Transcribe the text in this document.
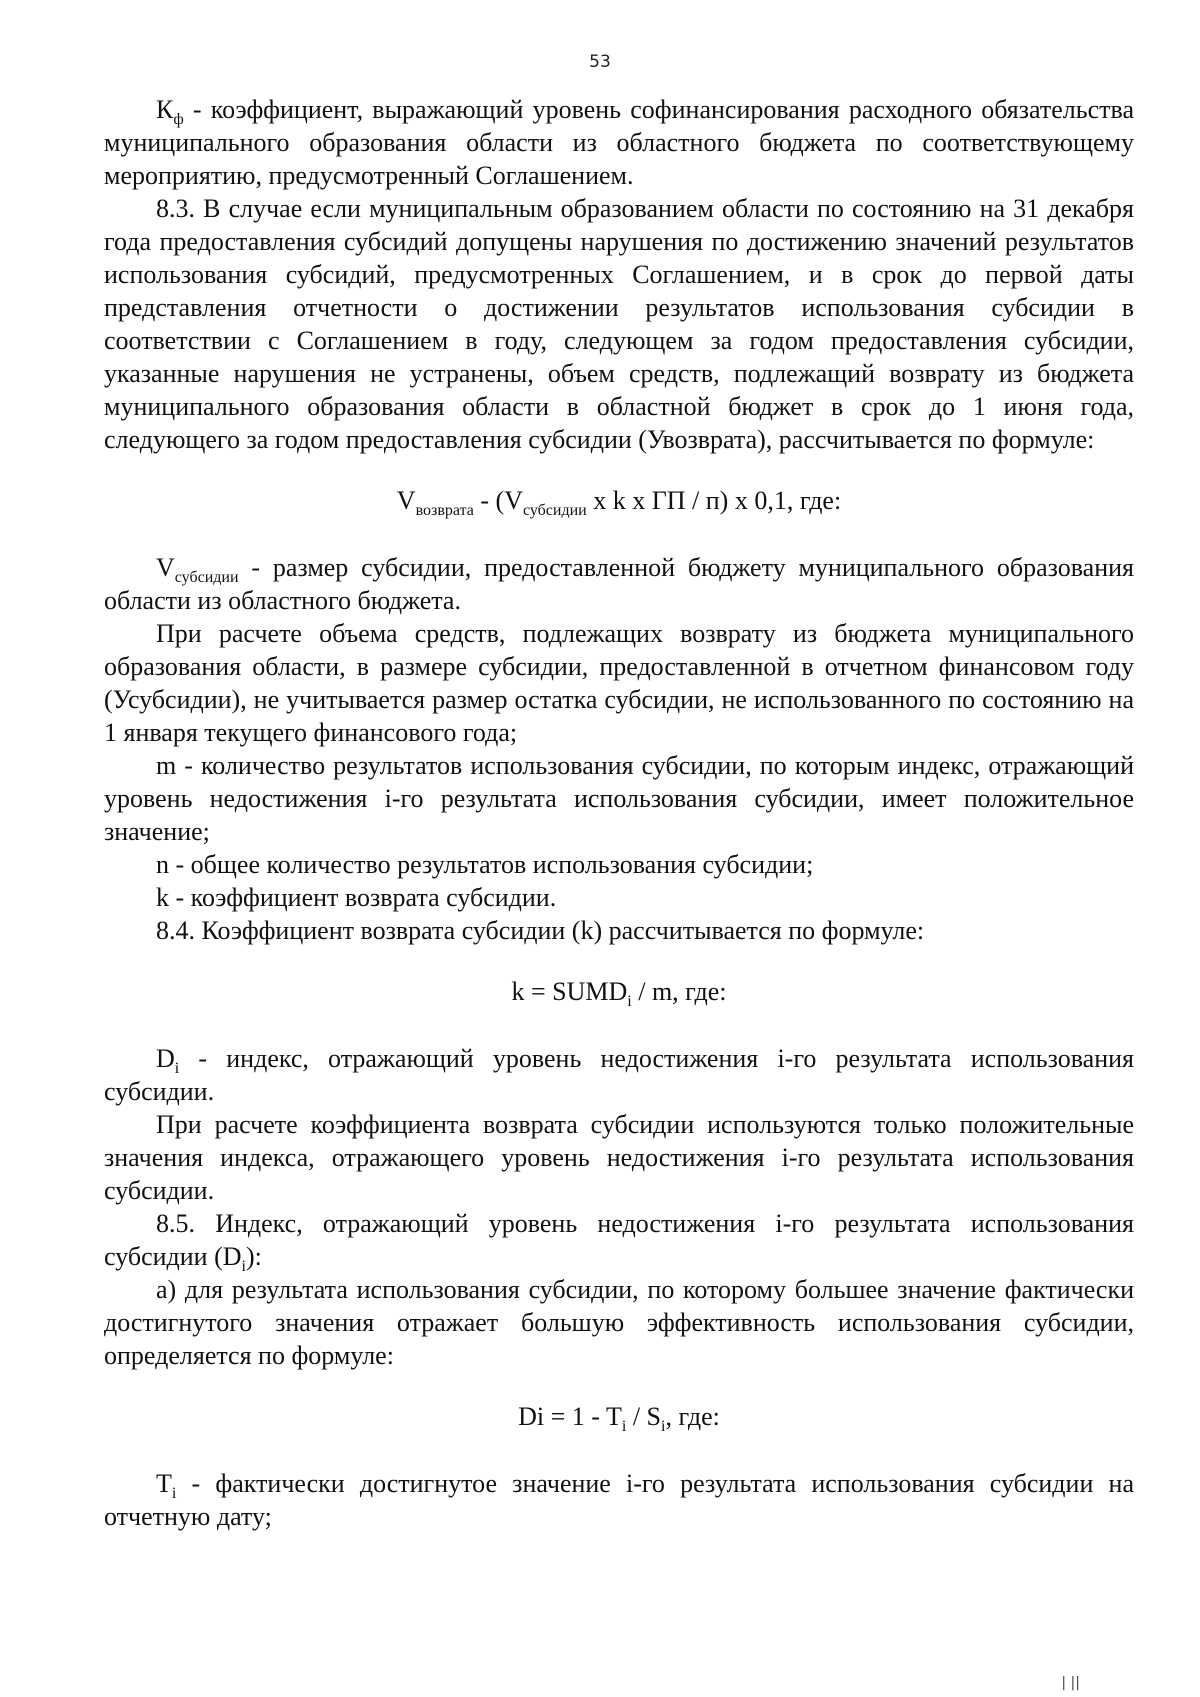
53

$К_ф$ - коэффициент, выражающий уровень софинансирования расходного обязательства муниципального образования области из областного бюджета по соответствующему мероприятию, предусмотренный Соглашением.

8.3. В случае если муниципальным образованием области по состоянию на 31 декабря года предоставления субсидий допущены нарушения по достижению значений результатов использования субсидий, предусмотренных Соглашением, и в срок до первой даты представления отчетности о достижении результатов использования субсидии в соответствии с Соглашением в году, следующем за годом предоставления субсидии, указанные нарушения не устранены, объем средств, подлежащий возврату из бюджета муниципального образования области в областной бюджет в срок до 1 июня года, следующего за годом предоставления субсидии (Увозврата), рассчитывается по формуле:

$V_{возврата} - (V_{субсидии}$ х k х ГП / п) х 0,1, где:

$V_{субсидии}$ - размер субсидии, предоставленной бюджету муниципального образования области из областного бюджета.

При расчете объема средств, подлежащих возврату из бюджета муниципального образования области, в размере субсидии, предоставленной в отчетном финансовом году (Усубсидии), не учитывается размер остатка субсидии, не использованного по состоянию на 1 января текущего финансового года;

m - количество результатов использования субсидии, по которым индекс, отражающий уровень недостижения i-го результата использования субсидии, имеет положительное значение;

n - общее количество результатов использования субсидии;

k - коэффициент возврата субсидии.

8.4. Коэффициент возврата субсидии (k) рассчитывается по формуле:

$k = SUMD_i / m$, где:

$D_i$ - индекс, отражающий уровень недостижения i-го результата использования субсидии.

При расчете коэффициента возврата субсидии используются только положительные значения индекса, отражающего уровень недостижения i-го результата использования субсидии.

8.5. Индекс, отражающий уровень недостижения i-го результата использования субсидии $(D_i)$:

а) для результата использования субсидии, по которому большее значение фактически достигнутого значения отражает большую эффективность использования субсидии, определяется по формуле:

$Di = 1 - T_i / S_i$, где:

$T_i$ - фактически достигнутое значение i-го результата использования субсидии на отчетную дату;

| ||
